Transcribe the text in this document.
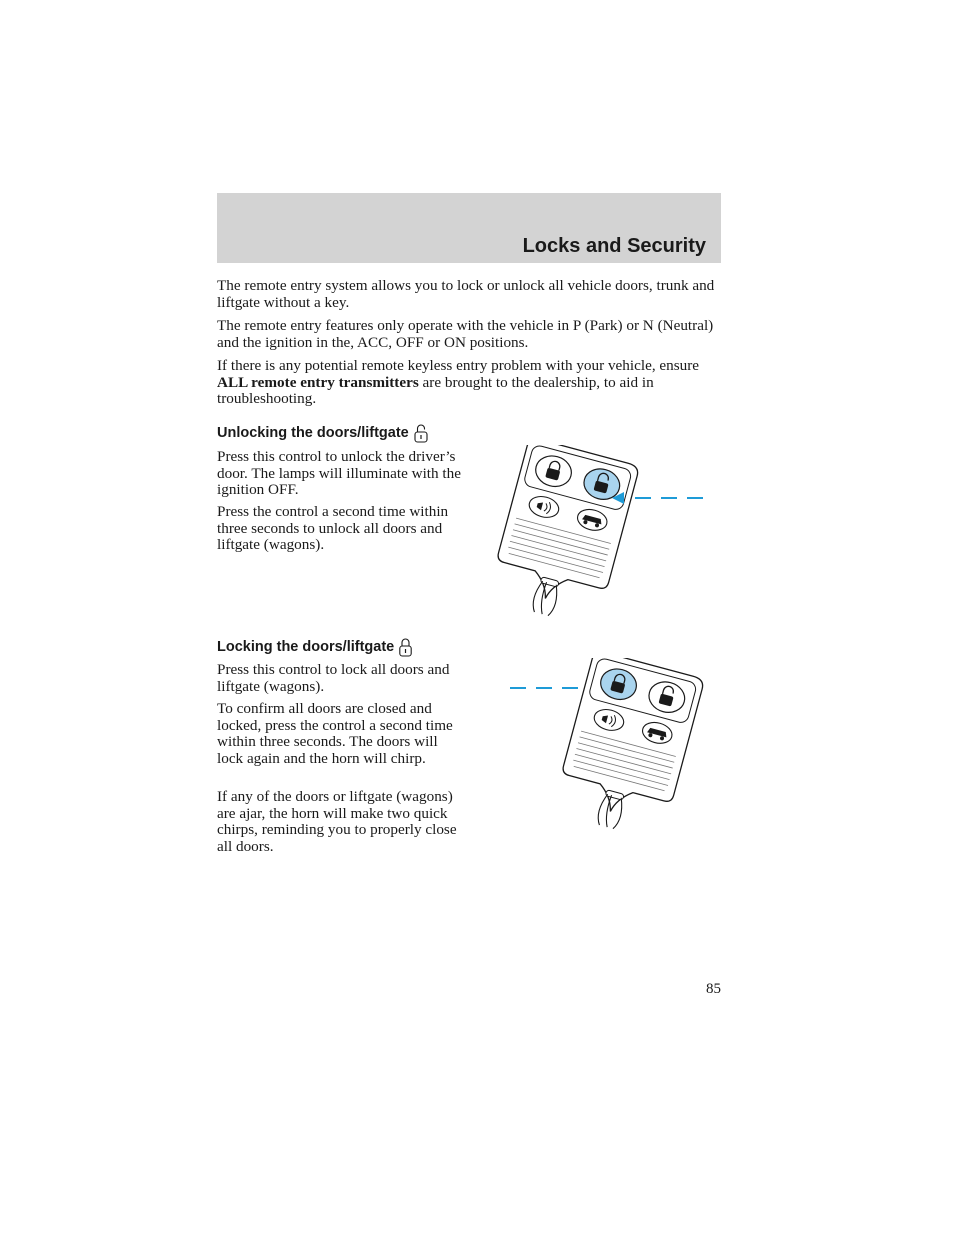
Locks and Security

The remote entry system allows you to lock or unlock all vehicle doors, trunk and liftgate without a key.

The remote entry features only operate with the vehicle in P (Park) or N (Neutral) and the ignition in the, ACC, OFF or ON positions.

If there is any potential remote keyless entry problem with your vehicle, ensure ALL remote entry transmitters are brought to the dealership, to aid in troubleshooting.

Unlocking the doors/liftgate

Press this control to unlock the driver’s door. The lamps will illuminate with the ignition OFF.

Press the control a second time within three seconds to unlock all doors and liftgate (wagons).

Locking the doors/liftgate

Press this control to lock all doors and liftgate (wagons).

To confirm all doors are closed and locked, press the control a second time within three seconds. The doors will lock again and the horn will chirp.

If any of the doors or liftgate (wagons) are ajar, the horn will make two quick chirps, reminding you to properly close all doors.

85
